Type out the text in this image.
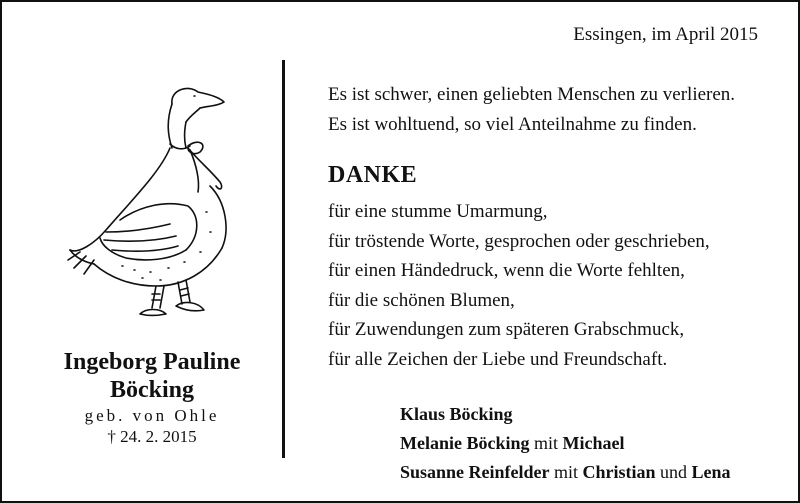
Essingen, im April 2015
Ingeborg Pauline
Böcking
geb. von Ohle
† 24. 2. 2015
Es ist schwer, einen geliebten Menschen zu verlieren.
Es ist wohltuend, so viel Anteilnahme zu finden.
DANKE
für eine stumme Umarmung,
für tröstende Worte, gesprochen oder geschrieben,
für einen Händedruck, wenn die Worte fehlten,
für die schönen Blumen,
für Zuwendungen zum späteren Grabschmuck,
für alle Zeichen der Liebe und Freundschaft.
Klaus Böcking
Melanie Böcking mit Michael
Susanne Reinfelder mit Christian und Lena
